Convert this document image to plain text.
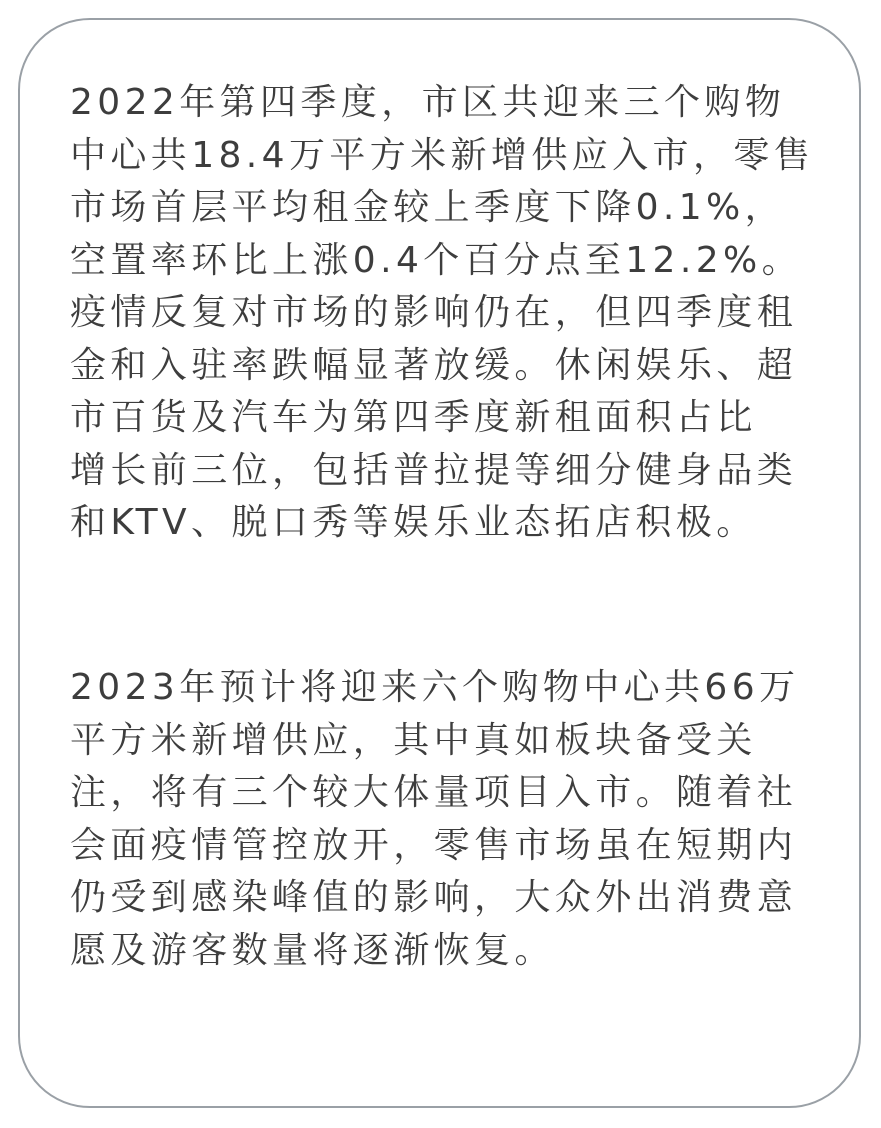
2022年第四季度，市区共迎来三个购物
中心共18.4万平方米新增供应入市，零售
市场首层平均租金较上季度下降0.1%，
空置率环比上涨0.4个百分点至12.2%。
疫情反复对市场的影响仍在，但四季度租
金和入驻率跌幅显著放缓。休闲娱乐、超
市百货及汽车为第四季度新租面积占比
增长前三位，包括普拉提等细分健身品类
和KTV、脱口秀等娱乐业态拓店积极。
2023年预计将迎来六个购物中心共66万
平方米新增供应，其中真如板块备受关
注，将有三个较大体量项目入市。随着社
会面疫情管控放开，零售市场虽在短期内
仍受到感染峰值的影响，大众外出消费意
愿及游客数量将逐渐恢复。
